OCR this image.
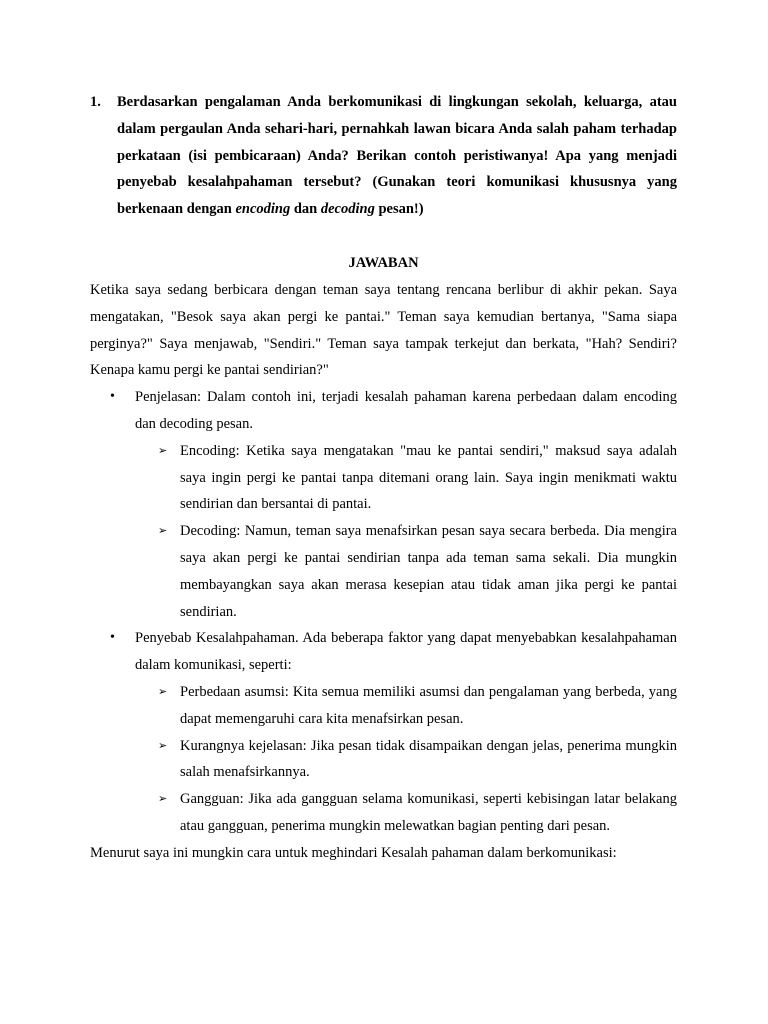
1. Berdasarkan pengalaman Anda berkomunikasi di lingkungan sekolah, keluarga, atau dalam pergaulan Anda sehari-hari, pernahkah lawan bicara Anda salah paham terhadap perkataan (isi pembicaraan) Anda? Berikan contoh peristiwanya! Apa yang menjadi penyebab kesalahpahaman tersebut? (Gunakan teori komunikasi khususnya yang berkenaan dengan encoding dan decoding pesan!)
JAWABAN

Ketika saya sedang berbicara dengan teman saya tentang rencana berlibur di akhir pekan. Saya mengatakan, "Besok saya akan pergi ke pantai." Teman saya kemudian bertanya, "Sama siapa perginya?" Saya menjawab, "Sendiri." Teman saya tampak terkejut dan berkata, "Hah? Sendiri? Kenapa kamu pergi ke pantai sendirian?"

• Penjelasan: Dalam contoh ini, terjadi kesalah pahaman karena perbedaan dalam encoding dan decoding pesan.
➢ Encoding: Ketika saya mengatakan "mau ke pantai sendiri," maksud saya adalah saya ingin pergi ke pantai tanpa ditemani orang lain. Saya ingin menikmati waktu sendirian dan bersantai di pantai.
➢ Decoding: Namun, teman saya menafsirkan pesan saya secara berbeda. Dia mengira saya akan pergi ke pantai sendirian tanpa ada teman sama sekali. Dia mungkin membayangkan saya akan merasa kesepian atau tidak aman jika pergi ke pantai sendirian.
• Penyebab Kesalahpahaman. Ada beberapa faktor yang dapat menyebabkan kesalahpahaman dalam komunikasi, seperti:
➢ Perbedaan asumsi: Kita semua memiliki asumsi dan pengalaman yang berbeda, yang dapat memengaruhi cara kita menafsirkan pesan.
➢ Kurangnya kejelasan: Jika pesan tidak disampaikan dengan jelas, penerima mungkin salah menafsirkannya.
➢ Gangguan: Jika ada gangguan selama komunikasi, seperti kebisingan latar belakang atau gangguan, penerima mungkin melewatkan bagian penting dari pesan.

Menurut saya ini mungkin cara untuk meghindari Kesalah pahaman dalam berkomunikasi:
